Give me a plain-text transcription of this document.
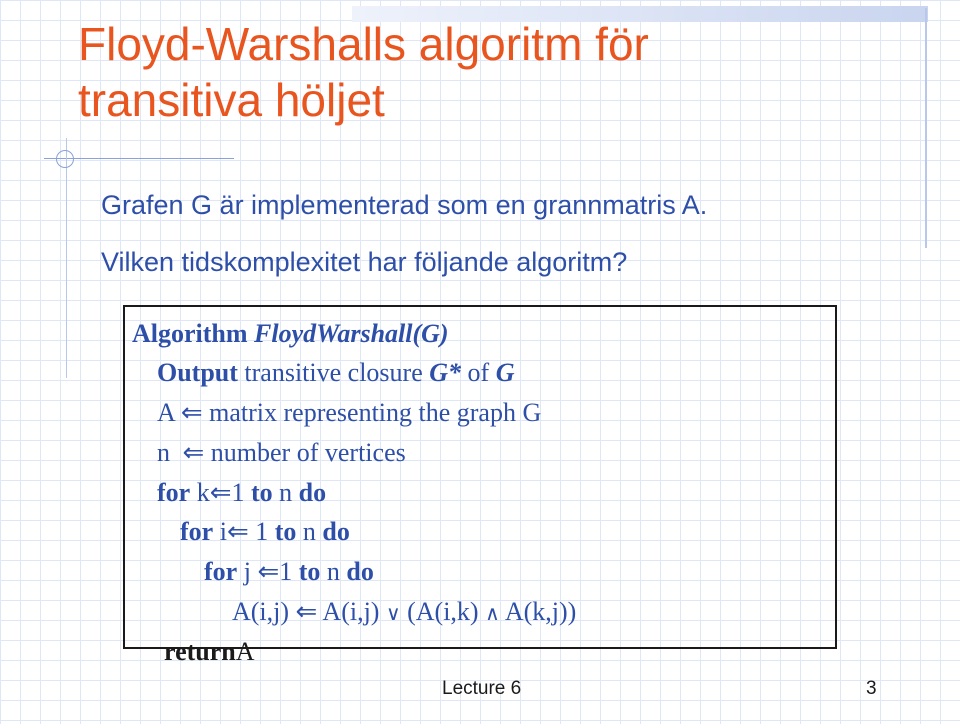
Floyd-Warshalls algoritm för transitiva höljet

Grafen G är implementerad som en grannmatris A.

Vilken tidskomplexitet har följande algoritm?

Algorithm FloydWarshall(G)

Output transitive closure G* of G

A ⇐ matrix representing the graph G

n ⇐ number of vertices

for k⇐1 to n do

for i⇐ 1 to n do

for j ⇐1 to n do

A(i,j) ⇐ A(i,j) ∨ (A(i,k) ∧ A(k,j))

returnA

Lecture 6	3
